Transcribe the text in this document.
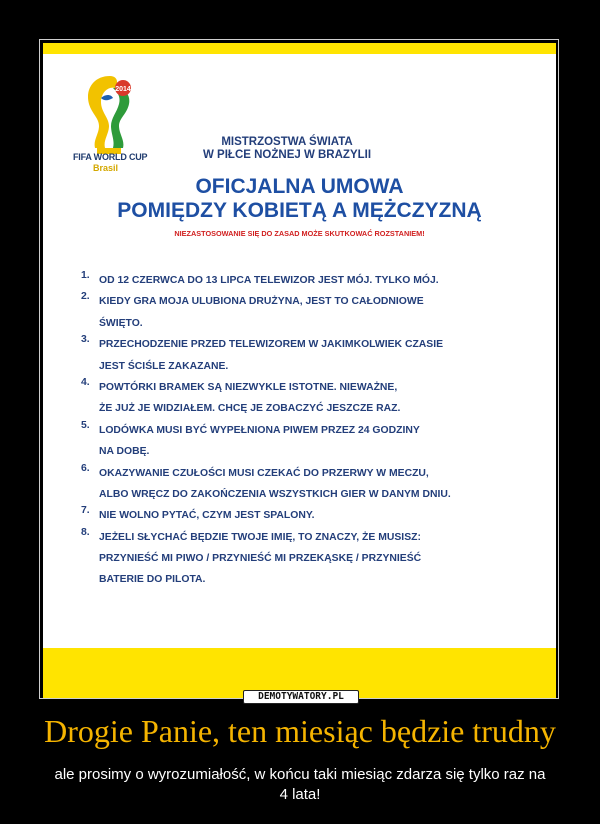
2014
FIFA WORLD CUP
Brasil
MISTRZOSTWA ŚWIATA
W PIŁCE NOŻNEJ W BRAZYLII
OFICJALNA UMOWA
POMIĘDZY KOBIETĄ A MĘŻCZYZNĄ
NIEZASTOSOWANIE SIĘ DO ZASAD MOŻE SKUTKOWAĆ ROZSTANIEM!
1. OD 12 CZERWCA DO 13 LIPCA TELEWIZOR JEST MÓJ. TYLKO MÓJ.
2. KIEDY GRA MOJA ULUBIONA DRUŻYNA, JEST TO CAŁODNIOWE
ŚWIĘTO.
3. PRZECHODZENIE PRZED TELEWIZOREM W JAKIMKOLWIEK CZASIE
JEST ŚCIŚLE ZAKAZANE.
4. POWTÓRKI BRAMEK SĄ NIEZWYKLE ISTOTNE. NIEWAŻNE,
ŻE JUŻ JE WIDZIAŁEM. CHCĘ JE ZOBACZYĆ JESZCZE RAZ.
5. LODÓWKA MUSI BYĆ WYPEŁNIONA PIWEM PRZEZ 24 GODZINY
NA DOBĘ.
6. OKAZYWANIE CZUŁOŚCI MUSI CZEKAĆ DO PRZERWY W MECZU,
ALBO WRĘCZ DO ZAKOŃCZENIA WSZYSTKICH GIER W DANYM DNIU.
7. NIE WOLNO PYTAĆ, CZYM JEST SPALONY.
8. JEŻELI SŁYCHAĆ BĘDZIE TWOJE IMIĘ, TO ZNACZY, ŻE MUSISZ:
PRZYNIEŚĆ MI PIWO / PRZYNIEŚĆ MI PRZEKĄSKĘ / PRZYNIEŚĆ
BATERIE DO PILOTA.
DEMOTYWATORY.PL
Drogie Panie, ten miesiąc będzie trudny
ale prosimy o wyrozumiałość, w końcu taki miesiąc zdarza się tylko raz na 4 lata!
